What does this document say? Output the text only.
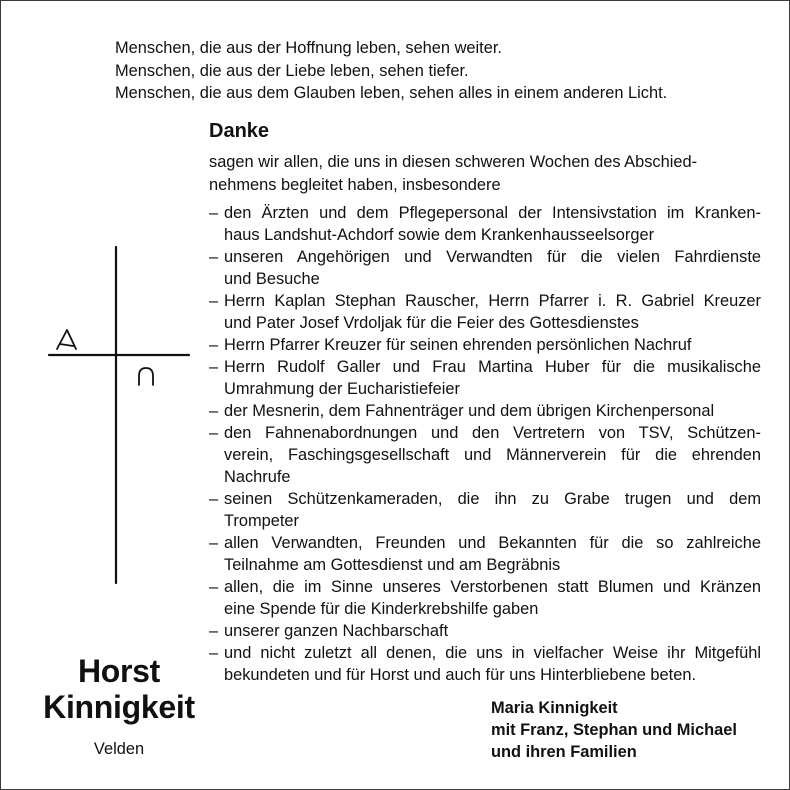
Menschen, die aus der Hoffnung leben, sehen weiter.
Menschen, die aus der Liebe leben, sehen tiefer.
Menschen, die aus dem Glauben leben, sehen alles in einem anderen Licht.
Danke
sagen wir allen, die uns in diesen schweren Wochen des Abschied-
nehmens begleitet haben, insbesondere
– den Ärzten und dem Pflegepersonal der Intensivstation im Kranken-
haus Landshut-Achdorf sowie dem Krankenhausseelsorger
– unseren Angehörigen und Verwandten für die vielen Fahrdienste
und Besuche
– Herrn Kaplan Stephan Rauscher, Herrn Pfarrer i. R. Gabriel Kreuzer
und Pater Josef Vrdoljak für die Feier des Gottesdienstes
– Herrn Pfarrer Kreuzer für seinen ehrenden persönlichen Nachruf
– Herrn Rudolf Galler und Frau Martina Huber für die musikalische
Umrahmung der Eucharistiefeier
– der Mesnerin, dem Fahnenträger und dem übrigen Kirchenpersonal
– den Fahnenabordnungen und den Vertretern von TSV, Schützen-
verein, Faschingsgesellschaft und Männerverein für die ehrenden
Nachrufe
– seinen Schützenkameraden, die ihn zu Grabe trugen und dem
Trompeter
– allen Verwandten, Freunden und Bekannten für die so zahlreiche
Teilnahme am Gottesdienst und am Begräbnis
– allen, die im Sinne unseres Verstorbenen statt Blumen und Kränzen
eine Spende für die Kinderkrebshilfe gaben
– unserer ganzen Nachbarschaft
– und nicht zuletzt all denen, die uns in vielfacher Weise ihr Mitgefühl
bekundeten und für Horst und auch für uns Hinterbliebene beten.
Horst
Kinnigkeit
Velden
Maria Kinnigkeit
mit Franz, Stephan und Michael
und ihren Familien
